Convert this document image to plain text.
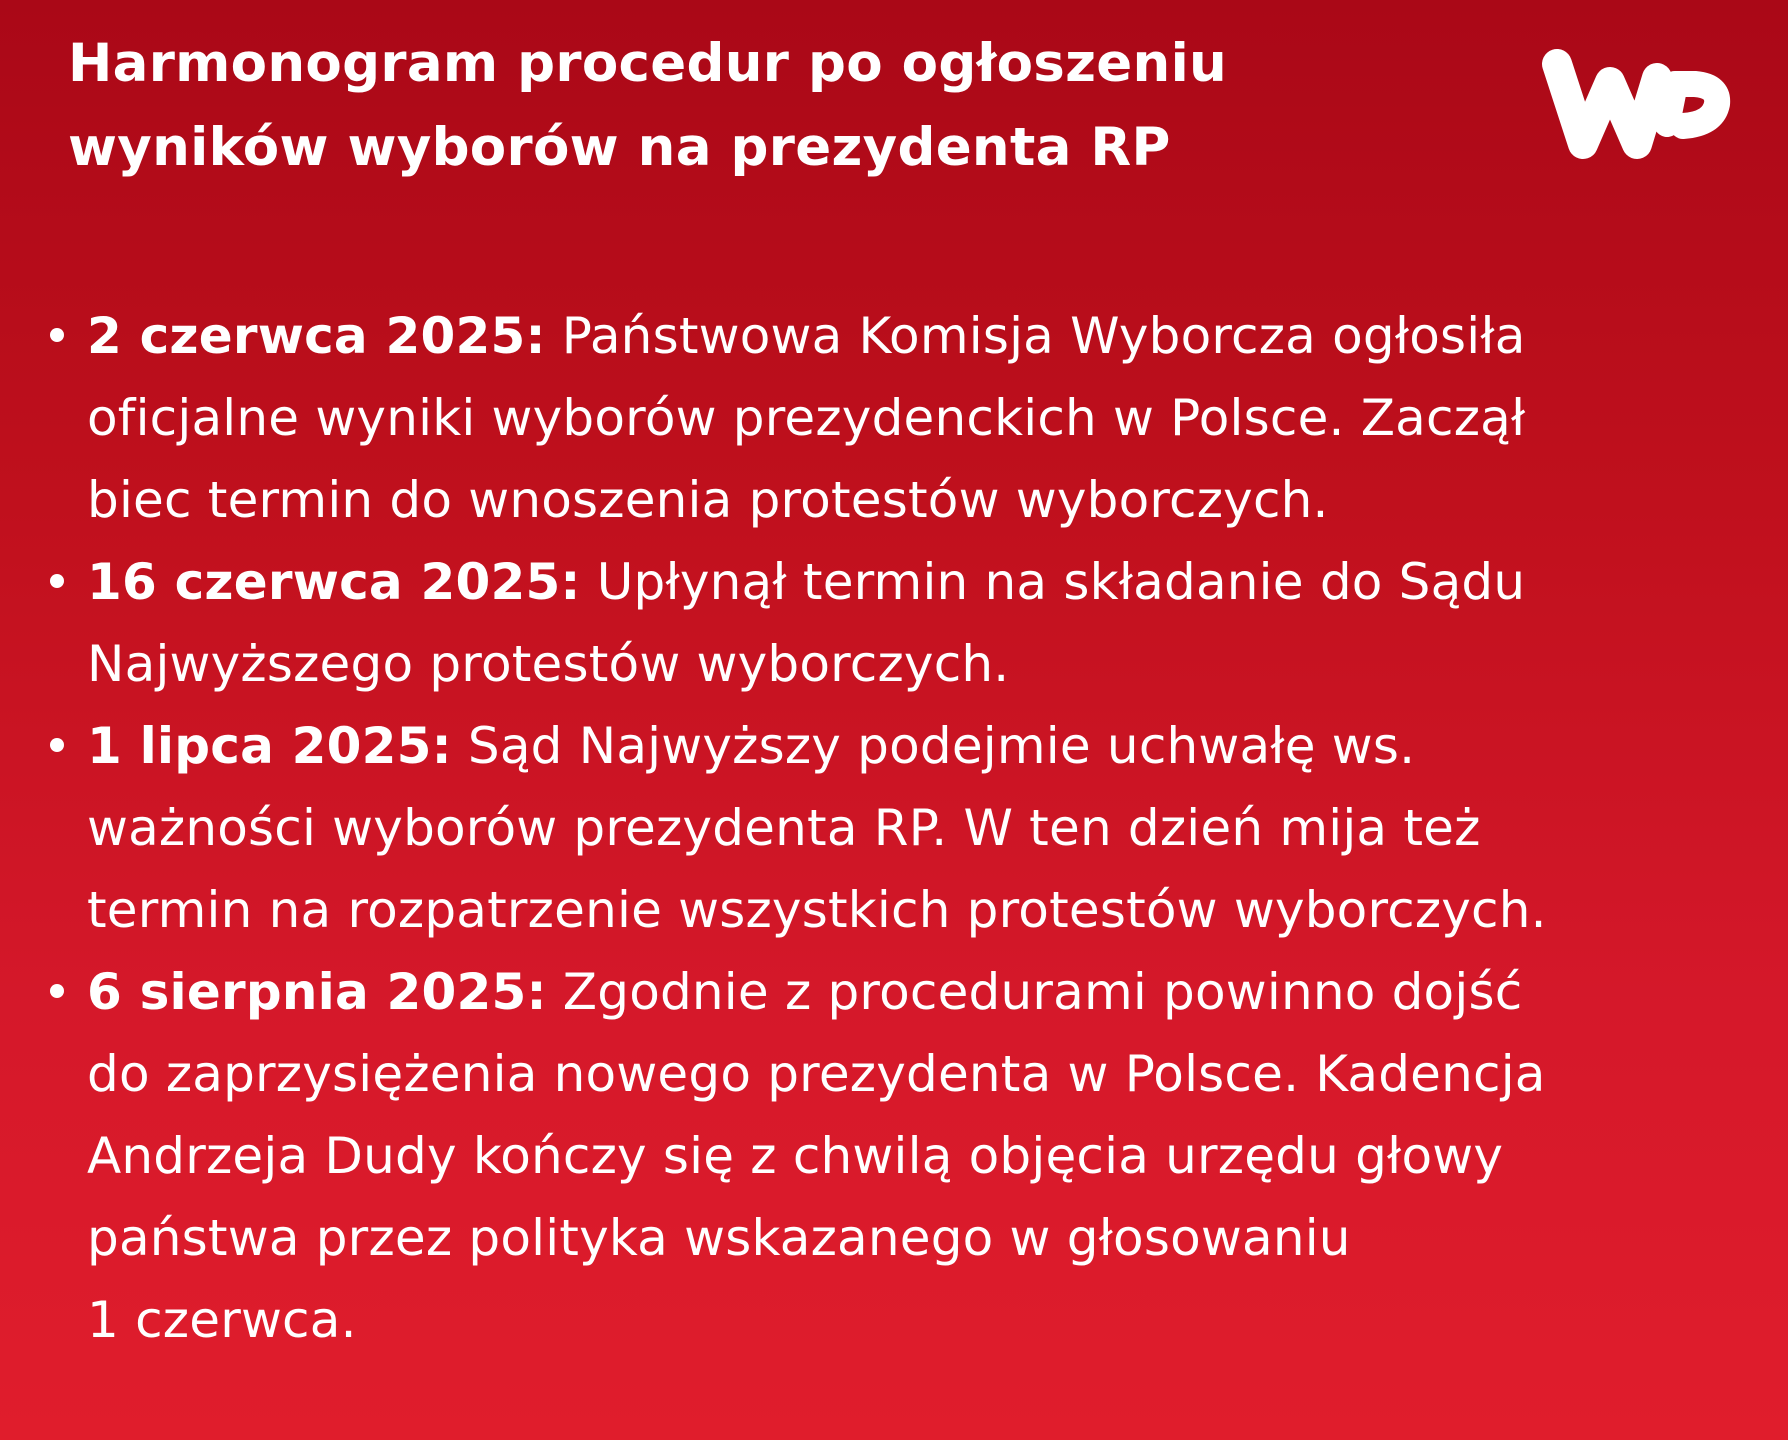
Harmonogram procedur po ogłoszeniu
wyników wyborów na prezydenta RP
2 czerwca 2025: Państwowa Komisja Wyborcza ogłosiła
oficjalne wyniki wyborów prezydenckich w Polsce. Zaczął
biec termin do wnoszenia protestów wyborczych.
16 czerwca 2025: Upłynął termin na składanie do Sądu
Najwyższego protestów wyborczych.
1 lipca 2025: Sąd Najwyższy podejmie uchwałę ws.
ważności wyborów prezydenta RP. W ten dzień mija też
termin na rozpatrzenie wszystkich protestów wyborczych.
6 sierpnia 2025: Zgodnie z procedurami powinno dojść
do zaprzysiężenia nowego prezydenta w Polsce. Kadencja
Andrzeja Dudy kończy się z chwilą objęcia urzędu głowy
państwa przez polityka wskazanego w głosowaniu
1 czerwca.
